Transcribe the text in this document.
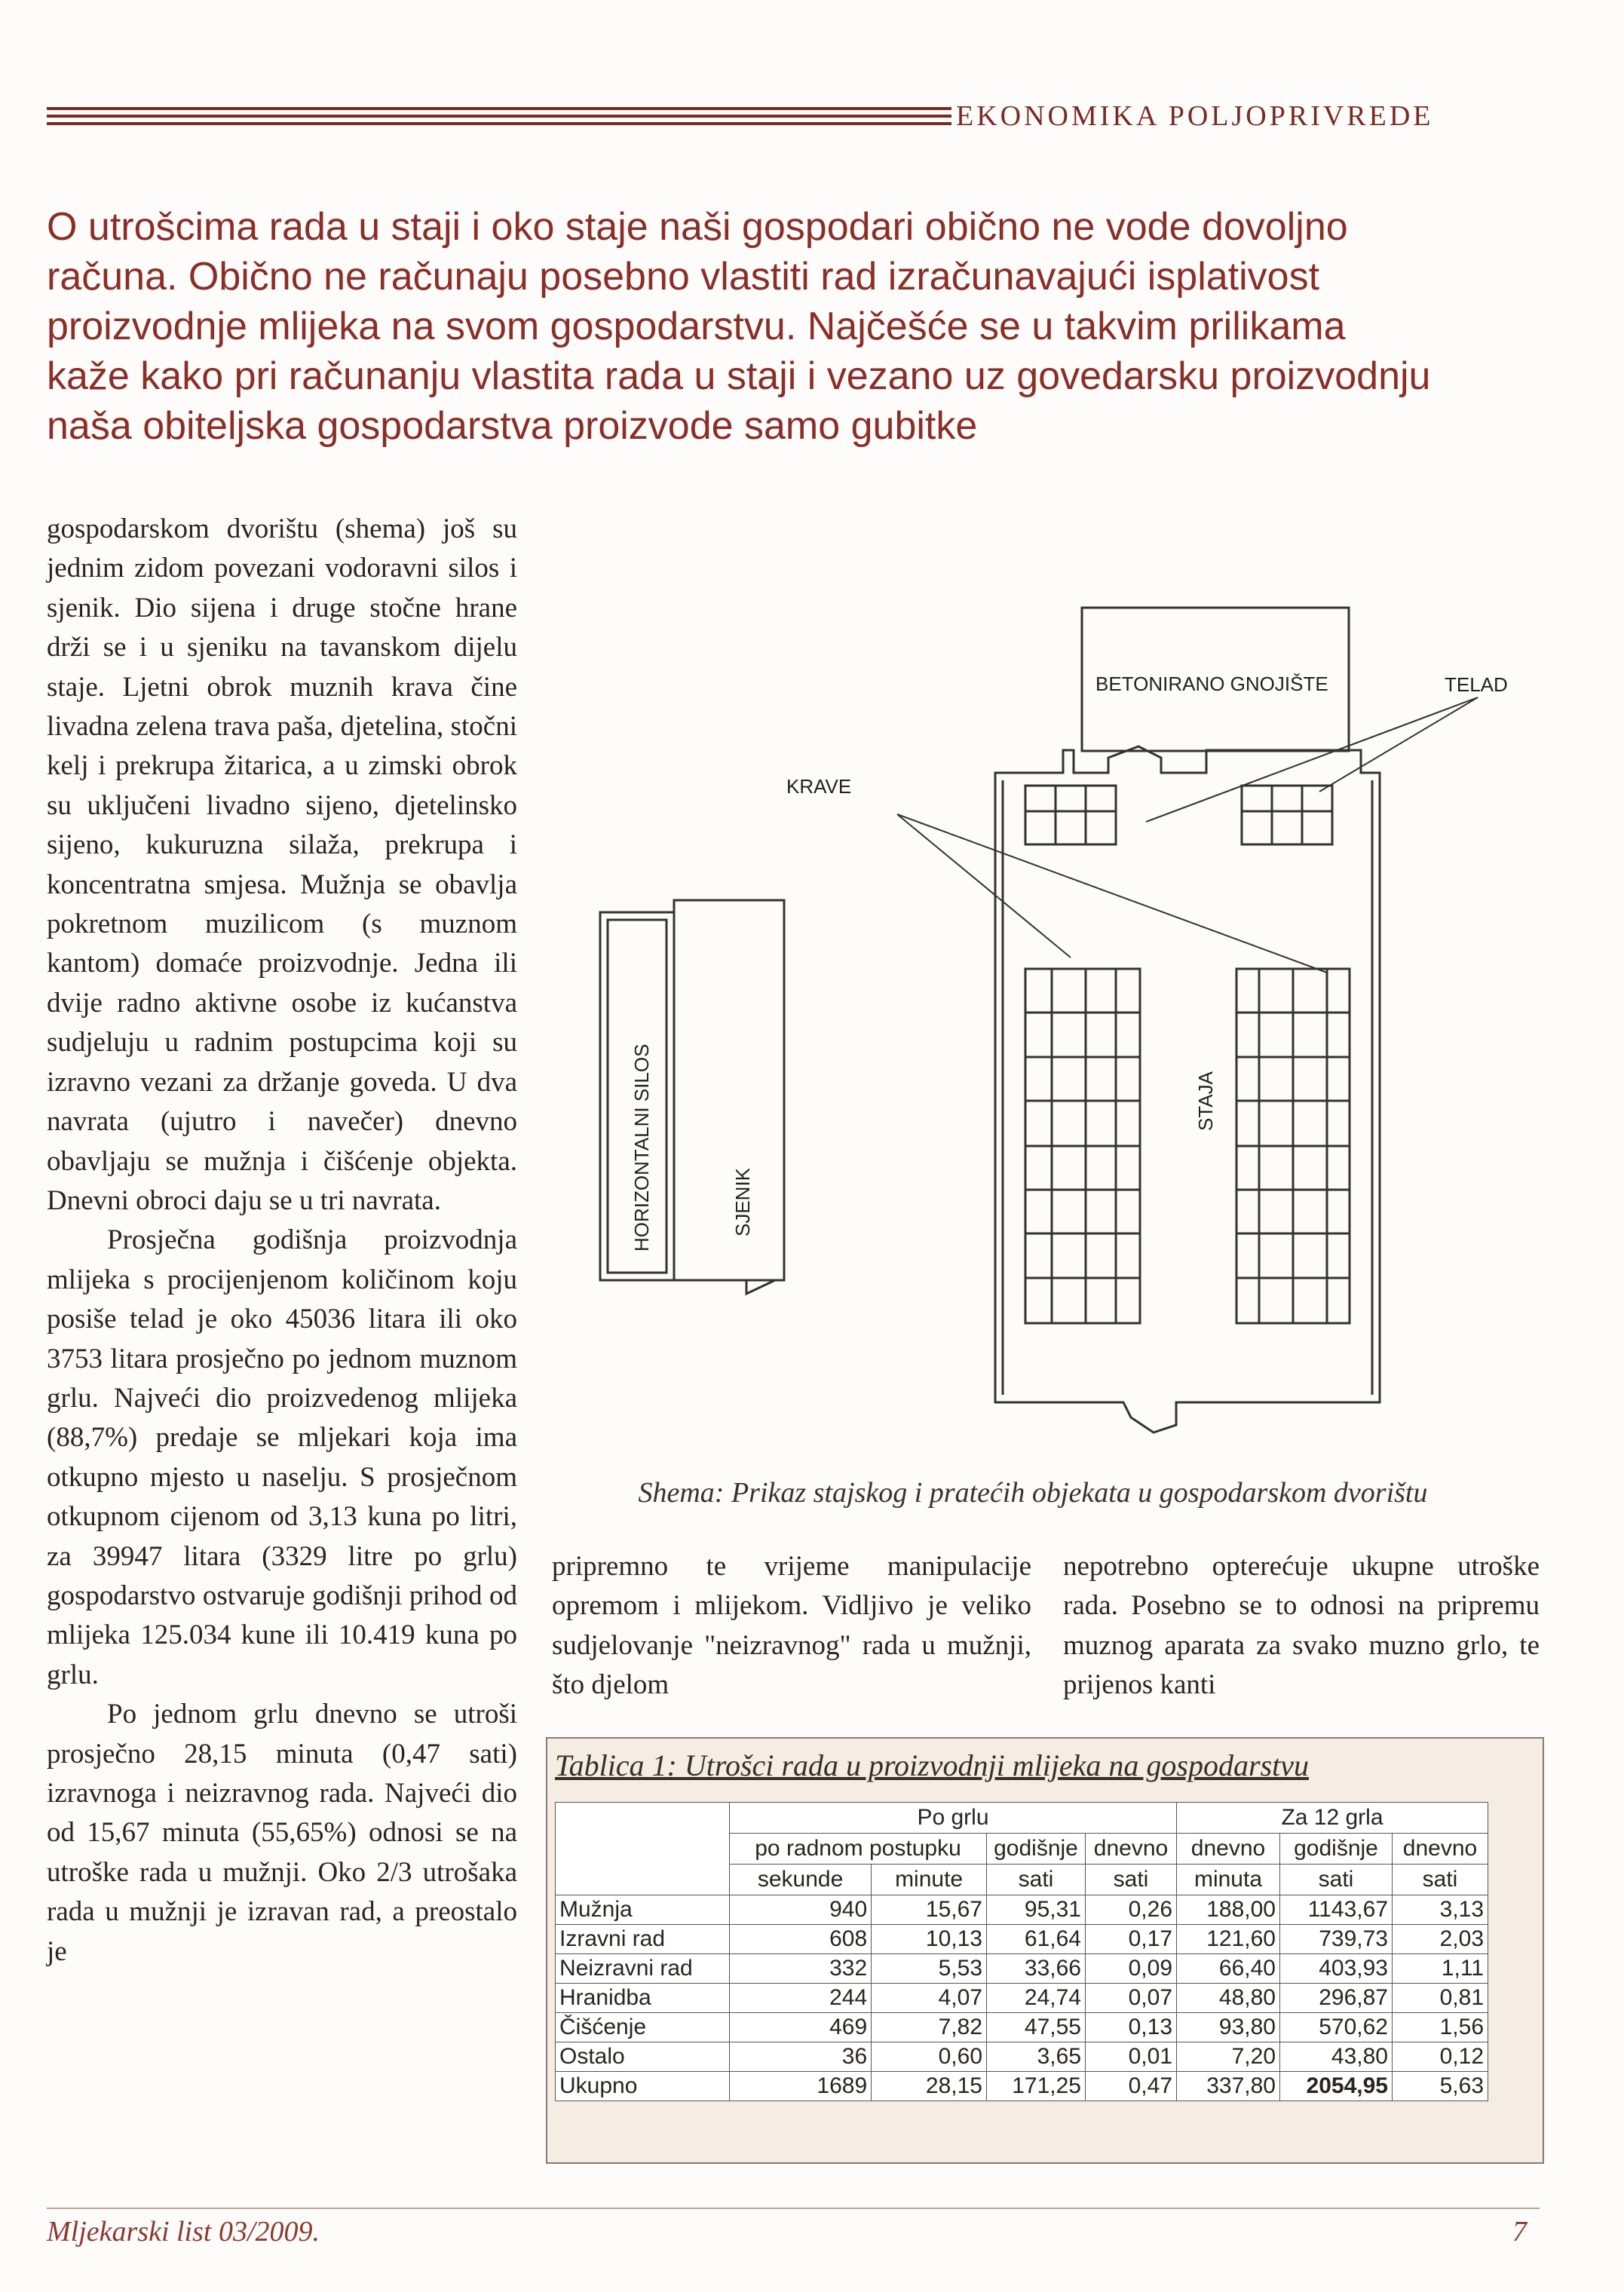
EKONOMIKA POLJOPRIVREDE
O utrošcima rada u staji i oko staje naši gospodari obično ne vode dovoljno
računa. Obično ne računaju posebno vlastiti rad izračunavajući isplativost
proizvodnje mlijeka na svom gospodarstvu. Najčešće se u takvim prilikama
kaže kako pri računanju vlastita rada u staji i vezano uz govedarsku proizvodnju
naša obiteljska gospodarstva proizvode samo gubitke

gospodarskom dvorištu (shema) još su jednim zidom povezani vodoravni silos i sjenik. Dio sijena i druge stočne hrane drži se i u sjeniku na tavanskom dijelu staje. Ljetni obrok muznih krava čine livadna zelena trava paša, djetelina, stočni kelj i prekrupa žitarica, a u zimski obrok su uključeni livadno sijeno, djetelinsko sijeno, kukuruzna silaža, prekrupa i koncentratna smjesa. Mužnja se obavlja pokretnom muzilicom (s muznom kantom) domaće proizvodnje. Jedna ili dvije radno aktivne osobe iz kućanstva sudjeluju u radnim postupcima koji su izravno vezani za držanje goveda. U dva navrata (ujutro i navečer) dnevno obavljaju se mužnja i čišćenje objekta. Dnevni obroci daju se u tri navrata.

Prosječna godišnja proizvodnja mlijeka s procijenjenom količinom koju posiše telad je oko 45036 litara ili oko 3753 litara prosječno po jednom muznom grlu. Najveći dio proizvedenog mlijeka (88,7%) predaje se mljekari koja ima otkupno mjesto u naselju. S prosječnom otkupnom cijenom od 3,13 kuna po litri, za 39947 litara (3329 litre po grlu) gospodarstvo ostvaruje godišnji prihod od mlijeka 125.034 kune ili 10.419 kuna po grlu.

Po jednom grlu dnevno se utroši prosječno 28,15 minuta (0,47 sati) izravnoga i neizravnog rada. Najveći dio od 15,67 minuta (55,65%) odnosi se na utroške rada u mužnji. Oko 2/3 utrošaka rada u mužnji je izravan rad, a preostalo je

BETONIRANO GNOJIŠTE	TELAD
KRAVE
HORIZONTALNI SILOS	SJENIK
STAJA
Shema: Prikaz stajskog i pratećih objekata u gospodarskom dvorištu

pripremno te vrijeme manipulacije opremom i mlijekom. Vidljivo je veliko sudjelovanje "neizravnog" rada u mužnji, što djelom

nepotrebno opterećuje ukupne utroške rada. Posebno se to odnosi na pripremu muznog aparata za svako muzno grlo, te prijenos kanti

Tablica 1: Utrošci rada u proizvodnji mlijeka na gospodarstvu
	Po grlu				Za 12 grla		
	po radnom postupku		godišnje	dnevno	dnevno	godišnje	dnevno
	sekunde	minute	sati	sati	minuta	sati	sati
Mužnja	940	15,67	95,31	0,26	188,00	1143,67	3,13
Izravni rad	608	10,13	61,64	0,17	121,60	739,73	2,03
Neizravni rad	332	5,53	33,66	0,09	66,40	403,93	1,11
Hranidba	244	4,07	24,74	0,07	48,80	296,87	0,81
Čišćenje	469	7,82	47,55	0,13	93,80	570,62	1,56
Ostalo	36	0,60	3,65	0,01	7,20	43,80	0,12
Ukupno	1689	28,15	171,25	0,47	337,80	2054,95	5,63
Mljekarski list 03/2009.	7
